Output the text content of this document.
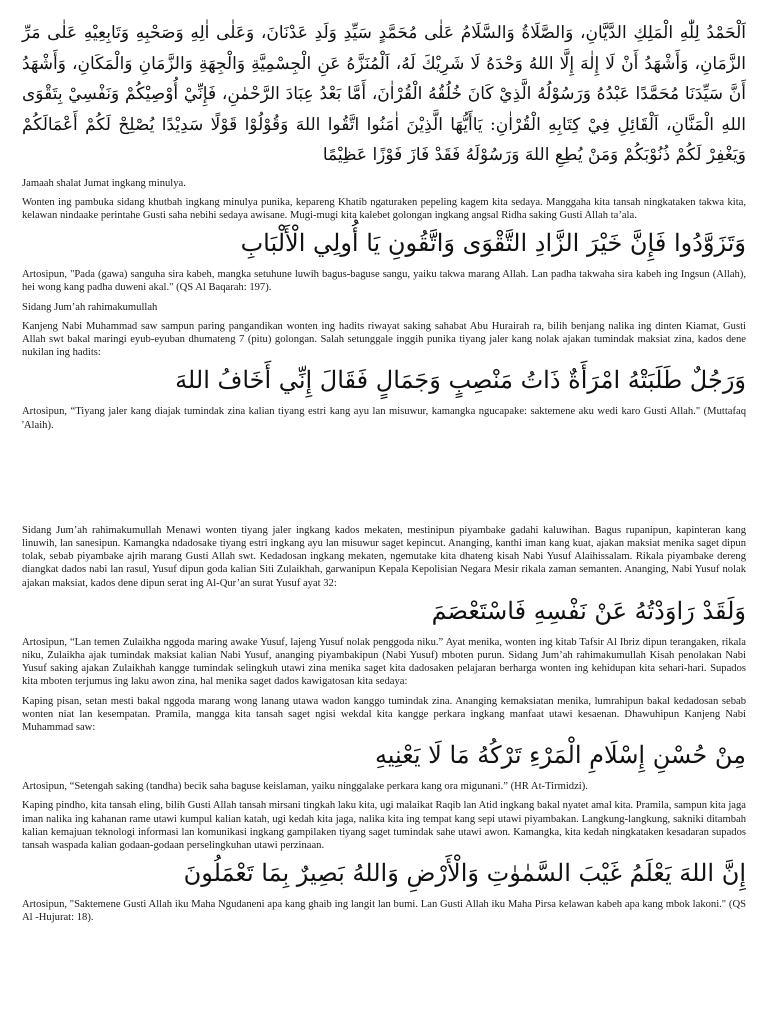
اَلْحَمْدُ لِلّٰهِ الْمَلِكِ الدَّيَّانِ، وَالصَّلَاةُ وَالسَّلَامُ عَلٰى مُحَمَّدٍ سَيِّدِ وَلَدِ عَدْنَانَ، وَعَلٰى اٰلِهِ وَصَحْبِهِ وَتَابِعِيْهِ عَلٰى مَرِّ الزَّمَانِ، وَأَشْهَدُ أَنْ لَا إِلٰهَ إِلَّا اللهُ وَحْدَهُ لَا شَرِيْكَ لَهُ، اَلْمُنَزَّهُ عَنِ الْجِسْمِيَّةِ وَالْجِهَةِ وَالزَّمَانِ وَالْمَكَانِ، وَأَشْهَدُ أَنَّ سَيِّدَنَا مُحَمَّدًا عَبْدُهُ وَرَسُوْلُهُ الَّذِيْ كَانَ خُلُقُهُ الْقُرْاٰنَ، أَمَّا بَعْدُ عِبَادَ الرَّحْمٰنِ، فَإِنِّيْ أُوْصِيْكُمْ وَنَفْسِيْ بِتَقْوَى اللهِ الْمَنَّانِ، اَلْقَائِلِ فِيْ كِتَابِهِ الْقُرْاٰنِ: يَاأَيُّهَا الَّذِيْنَ اٰمَنُوا اتَّقُوا اللهَ وَقُوْلُوْا قَوْلًا سَدِيْدًا يُصْلِحْ لَكُمْ أَعْمَالَكُمْ وَيَغْفِرْ لَكُمْ ذُنُوْبَكُمْ وَمَنْ يُطِعِ اللهَ وَرَسُوْلَهُ فَقَدْ فَازَ فَوْزًا عَظِيْمًا

Jamaah shalat Jumat ingkang minulya.

Wonten ing pambuka sidang khutbah ingkang minulya punika, kepareng Khatib ngaturaken pepeling kagem kita sedaya. Manggaha kita tansah ningkataken takwa kita, kelawan nindaake perintahe Gusti saha nebihi sedaya awisane. Mugi-mugi kita kalebet golongan ingkang angsal Ridha saking Gusti Allah ta’ala.

وَتَزَوَّدُوا فَإِنَّ خَيْرَ الزَّادِ التَّقْوَى وَاتَّقُونِ يَا أُولِي الْأَلْبَابِ

Artosipun, "Pada (gawa) sanguha sira kabeh, mangka setuhune luwih bagus-baguse sangu, yaiku takwa marang Allah. Lan padha takwaha sira kabeh ing Ingsun (Allah), hei wong kang padha duweni akal." (QS Al Baqarah: 197).

Sidang Jum’ah rahimakumullah

Kanjeng Nabi Muhammad saw sampun paring pangandikan wonten ing hadits riwayat saking sahabat Abu Hurairah ra, bilih benjang nalika ing dinten Kiamat, Gusti Allah swt bakal maringi eyub-eyuban dhumateng 7 (pitu) golongan. Salah setunggale inggih punika tiyang jaler kang nolak ajakan tumindak maksiat zina, kados dene nukilan ing hadits:

وَرَجُلٌ طَلَبَتْهُ امْرَأَةٌ ذَاتُ مَنْصِبٍ وَجَمَالٍ فَقَالَ إِنِّي أَخَافُ اللهَ

Artosipun, “Tiyang jaler kang diajak tumindak zina kalian tiyang estri kang ayu lan misuwur, kamangka ngucapake: saktemene aku wedi karo Gusti Allah." (Muttafaq 'Alaih).

Sidang Jum’ah rahimakumullah Menawi wonten tiyang jaler ingkang kados mekaten, mestinipun piyambake gadahi kaluwihan. Bagus rupanipun, kapinteran kang linuwih, lan sanesipun. Kamangka ndadosake tiyang estri ingkang ayu lan misuwur saget kepincut. Ananging, kanthi iman kang kuat, ajakan maksiat menika saget dipun tolak, sebab piyambake ajrih marang Gusti Allah swt. Kedadosan ingkang mekaten, ngemutake kita dhateng kisah Nabi Yusuf Alaihissalam. Rikala piyambake dereng diangkat dados nabi lan rasul, Yusuf dipun goda kalian Siti Zulaikhah, garwanipun Kepala Kepolisian Negara Mesir rikala zaman semanten. Ananging, Nabi Yusuf nolak ajakan maksiat, kados dene dipun serat ing Al-Qur’an surat Yusuf ayat 32:

وَلَقَدْ رَاوَدْتُهُ عَنْ نَفْسِهِ فَاسْتَعْصَمَ

Artosipun, “Lan temen Zulaikha nggoda maring awake Yusuf, lajeng Yusuf nolak penggoda niku.” Ayat menika, wonten ing kitab Tafsir Al Ibriz dipun terangaken, rikala niku, Zulaikha ajak tumindak maksiat kalian Nabi Yusuf, ananging piyambakipun (Nabi Yusuf) mboten purun. Sidang Jum’ah rahimakumullah Kisah penolakan Nabi Yusuf saking ajakan Zulaikhah kangge tumindak selingkuh utawi zina menika saget kita dadosaken pelajaran berharga wonten ing kehidupan kita sehari-hari. Supados kita mboten terjumus ing laku awon zina, hal menika saget dados kawigatosan kita sedaya:

Kaping pisan, setan mesti bakal nggoda marang wong lanang utawa wadon kanggo tumindak zina. Ananging kemaksiatan menika, lumrahipun bakal kedadosan sebab wonten niat lan kesempatan. Pramila, mangga kita tansah saget ngisi wekdal kita kangge perkara ingkang manfaat utawi kesaenan. Dhawuhipun Kanjeng Nabi Muhammad saw:

مِنْ حُسْنِ إِسْلَامِ الْمَرْءِ تَرْكُهُ مَا لَا يَعْنِيهِ

Artosipun, “Setengah saking (tandha) becik saha baguse keislaman, yaiku ninggalake perkara kang ora migunani.” (HR At-Tirmidzi).

Kaping pindho, kita tansah eling, bilih Gusti Allah tansah mirsani tingkah laku kita, ugi malaikat Raqib lan Atid ingkang bakal nyatet amal kita. Pramila, sampun kita jaga iman nalika ing kahanan rame utawi kumpul kalian katah, ugi kedah kita jaga, nalika kita ing tempat kang sepi utawi piyambakan. Langkung-langkung, sakniki ditambah kalian kemajuan teknologi informasi lan komunikasi ingkang gampilaken tiyang saget tumindak sahe utawi awon. Kamangka, kita kedah ningkataken kesadaran supados tansah waspada kalian godaan-godaan perselingkuhan utawi perzinaan.

إِنَّ اللهَ يَعْلَمُ غَيْبَ السَّمٰوٰتِ وَالْأَرْضِ وَاللهُ بَصِيرٌ بِمَا تَعْمَلُونَ

Artosipun, "Saktemene Gusti Allah iku Maha Ngudaneni apa kang ghaib ing langit lan bumi. Lan Gusti Allah iku Maha Pirsa kelawan kabeh apa kang mbok lakoni." (QS Al -Hujurat: 18).
